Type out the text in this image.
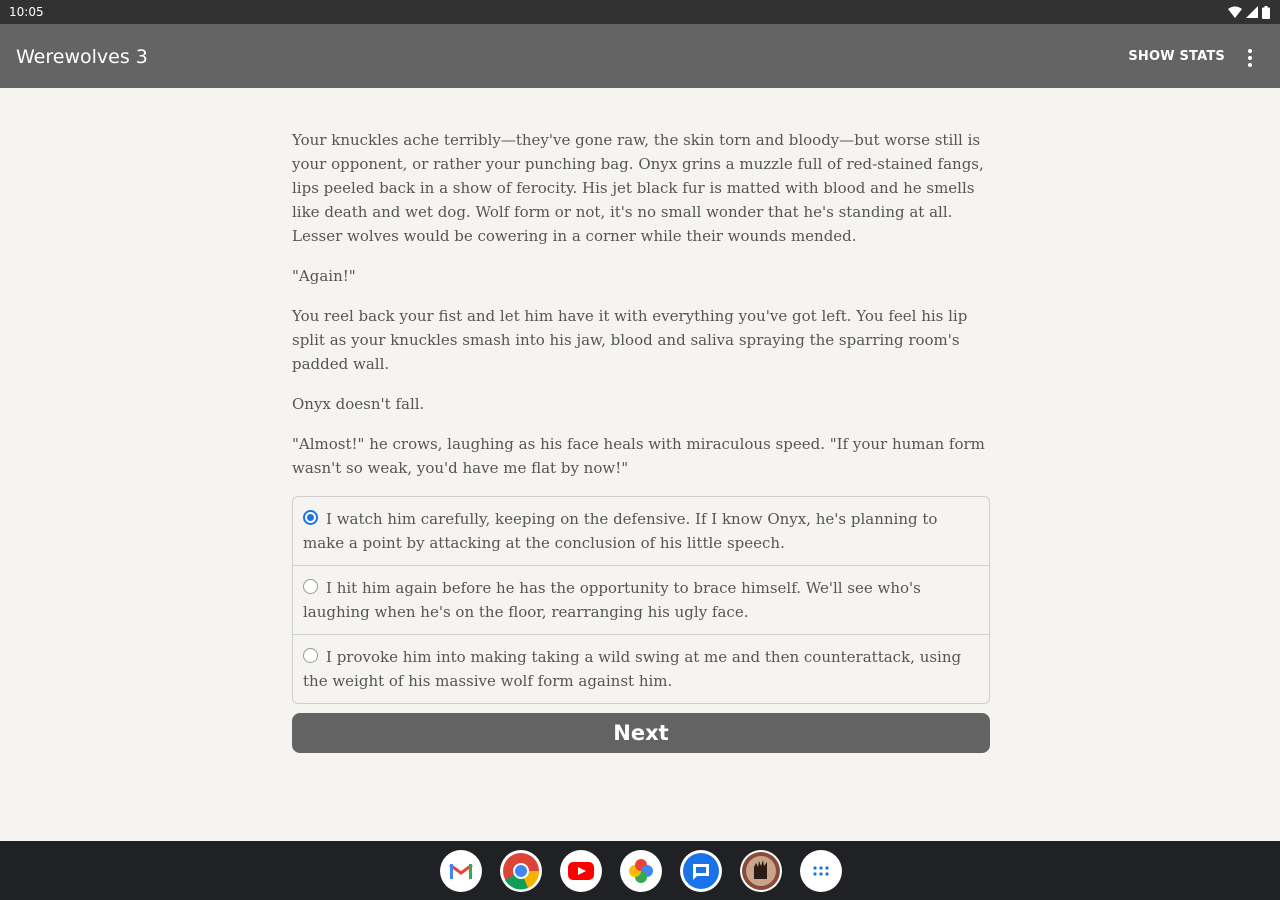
10:05
Werewolves 3	SHOW STATS

Your knuckles ache terribly—they've gone raw, the skin torn and bloody—but worse still is your opponent, or rather your punching bag. Onyx grins a muzzle full of red-stained fangs, lips peeled back in a show of ferocity. His jet black fur is matted with blood and he smells like death and wet dog. Wolf form or not, it's no small wonder that he's standing at all. Lesser wolves would be cowering in a corner while their wounds mended.

"Again!"

You reel back your fist and let him have it with everything you've got left. You feel his lip split as your knuckles smash into his jaw, blood and saliva spraying the sparring room's padded wall.

Onyx doesn't fall.

"Almost!" he crows, laughing as his face heals with miraculous speed. "If your human form wasn't so weak, you'd have me flat by now!"

I watch him carefully, keeping on the defensive. If I know Onyx, he's planning to make a point by attacking at the conclusion of his little speech.
I hit him again before he has the opportunity to brace himself. We'll see who's laughing when he's on the floor, rearranging his ugly face.
I provoke him into making taking a wild swing at me and then counterattack, using the weight of his massive wolf form against him.
Next
